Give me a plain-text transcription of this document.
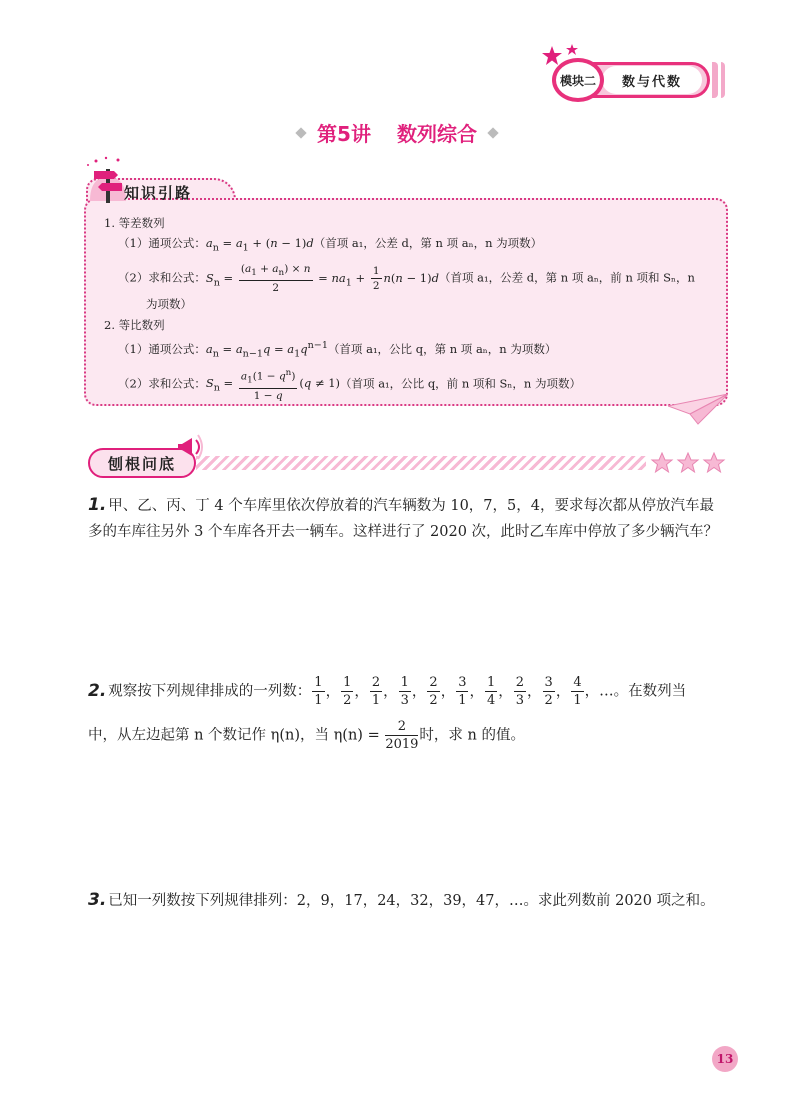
数与代数
模块二
第5讲 数列综合
知识引路
1. 等差数列
（1）通项公式：$a_n = a_1 + (n - 1)d$（首项 a₁，公差 d，第 n 项 aₙ，n 为项数）
（2）求和公式：$S_n = \frac{(a_1 + a_n) \times n}{2} = na_1 + \frac{1}{2} n(n - 1)d$（首项 a₁，公差 d，第 n 项 aₙ，前 n 项和 Sₙ，n
为项数）
2. 等比数列
（1）通项公式：$a_n = a_{n-1}q = a_1q^{n-1}$（首项 a₁，公比 q，第 n 项 aₙ，n 为项数）
（2）求和公式：$S_n = \frac{a_1(1 - q^n)}{1 - q} (q \ne 1)$（首项 a₁，公比 q，前 n 项和 Sₙ，n 为项数）
刨根问底
1. 甲、乙、丙、丁 4 个车库里依次停放着的汽车辆数为 10，7，5，4，要求每次都从停放汽车最多的车库往另外 3 个车库各开去一辆车。这样进行了 2020 次，此时乙车库中停放了多少辆汽车？
2. 观察按下列规律排成的一列数： $\frac{1}{1}$ ， $\frac{1}{2}$ ， $\frac{2}{1}$ ， $\frac{1}{3}$ ， $\frac{2}{2}$ ， $\frac{3}{1}$ ， $\frac{1}{4}$ ， $\frac{2}{3}$ ， $\frac{3}{2}$ ， $\frac{4}{1}$ ，…。在数列当
中，从左边起第 n 个数记作 η(n)，当 $\eta(n) = \frac{2}{2019}$ 时，求 n 的值。
3. 已知一列数按下列规律排列：2，9，17，24，32，39，47，…。求此列数前 2020 项之和。
13
